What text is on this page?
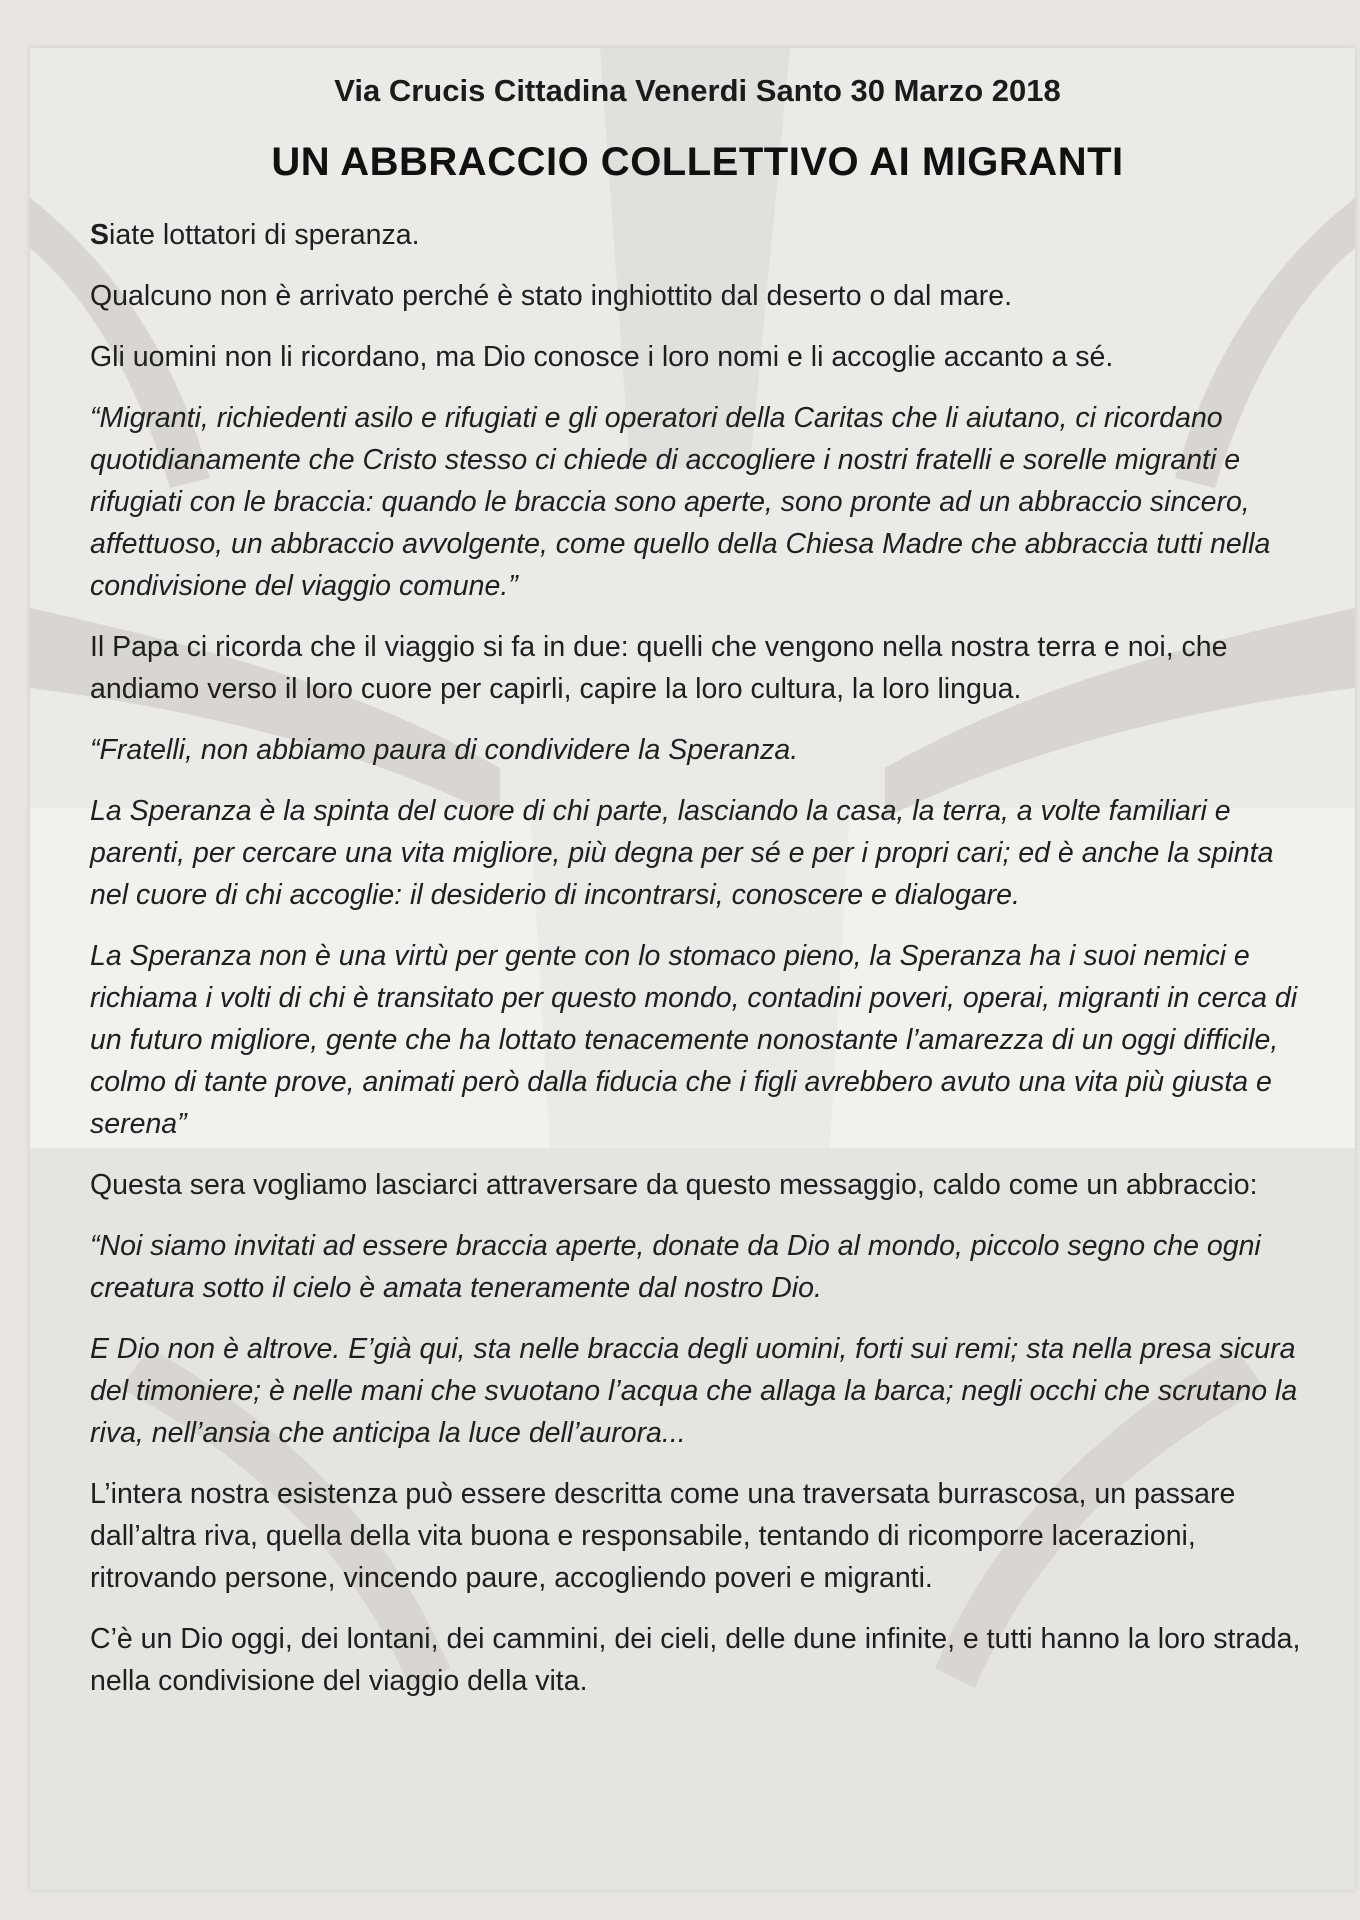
Via Crucis Cittadina Venerdi Santo 30 Marzo 2018
UN ABBRACCIO COLLETTIVO AI MIGRANTI

Siate lottatori di speranza.

Qualcuno non è arrivato perché è stato inghiottito dal deserto o dal mare.

Gli uomini non li ricordano, ma Dio conosce i loro nomi e li accoglie accanto a sé.

“Migranti, richiedenti asilo e rifugiati e gli operatori della Caritas che li aiutano, ci ricordano quotidianamente che Cristo stesso ci chiede di accogliere i nostri fratelli e sorelle migranti e rifugiati con le braccia: quando le braccia sono aperte, sono pronte ad un abbraccio sincero, affettuoso, un abbraccio avvolgente, come quello della Chiesa Madre che abbraccia tutti nella condivisione del viaggio comune.”

Il Papa ci ricorda che il viaggio si fa in due: quelli che vengono nella nostra terra e noi, che andiamo verso il loro cuore per capirli, capire la loro cultura, la loro lingua.

“Fratelli, non abbiamo paura di condividere la Speranza.

La Speranza è la spinta del cuore di chi parte, lasciando la casa, la terra, a volte familiari e parenti, per cercare una vita migliore, più degna per sé e per i propri cari; ed è anche la spinta nel cuore di chi accoglie: il desiderio di incontrarsi, conoscere e dialogare.

La Speranza non è una virtù per gente con lo stomaco pieno, la Speranza ha i suoi nemici e richiama i volti di chi è transitato per questo mondo, contadini poveri, operai, migranti in cerca di un futuro migliore, gente che ha lottato tenacemente nonostante l’amarezza di un oggi difficile, colmo di tante prove, animati però dalla fiducia che i figli avrebbero avuto una vita più giusta e serena”

Questa sera vogliamo lasciarci attraversare da questo messaggio, caldo come un abbraccio:

“Noi siamo invitati ad essere braccia aperte, donate da Dio al mondo, piccolo segno che ogni creatura sotto il cielo è amata teneramente dal nostro Dio.

E Dio non è altrove. E’già qui, sta nelle braccia degli uomini, forti sui remi; sta nella presa sicura del timoniere; è nelle mani che svuotano l’acqua che allaga la barca; negli occhi che scrutano la riva, nell’ansia che anticipa la luce dell’aurora...

L’intera nostra esistenza può essere descritta come una traversata burrascosa, un passare dall’altra riva, quella della vita buona e responsabile, tentando di ricomporre lacerazioni, ritrovando persone, vincendo paure, accogliendo poveri e migranti.

C’è un Dio oggi, dei lontani, dei cammini, dei cieli, delle dune infinite, e tutti hanno la loro strada, nella condivisione del viaggio della vita.
